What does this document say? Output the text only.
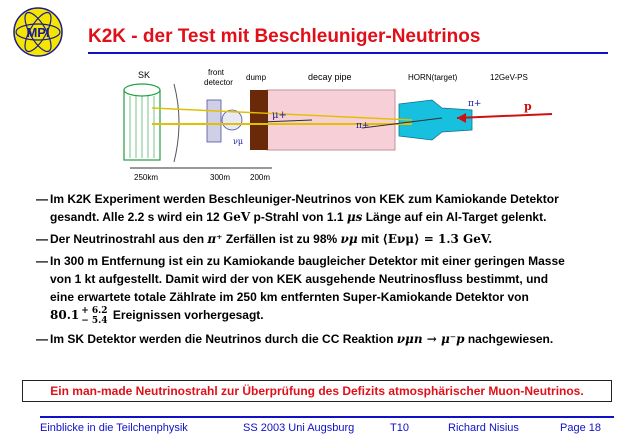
MPI K2K - der Test mit Beschleuniger-Neutrinos
SK	front
detector
dump	decay pipe	HORN(target)	12GeV-PS
μ+
π+
π+	p
νμ
250km	300m 200m

— Im K2K Experiment werden Beschleuniger-Neutrinos von KEK zum Kamiokande Detektor
gesandt. Alle 2.2 s wird ein 12 GeV p-Strahl von 1.1 μs Länge auf ein Al-Target gelenkt.

— Der Neutrinostrahl aus den π⁺ Zerfällen ist zu 98% νμ mit ⟨Eνμ⟩ = 1.3 GeV.

— In 300 m Entfernung ist ein zu Kamiokande baugleicher Detektor mit einer geringen Masse
von 1 kt aufgestellt. Damit wird der von KEK ausgehende Neutrinosfluss bestimmt, und
eine erwartete totale Zählrate im 250 km entfernten Super-Kamiokande Detektor von
80.1 + 6.2
− 5.4 Ereignissen vorhergesagt.

— Im SK Detektor werden die Neutrinos durch die CC Reaktion νμn → μ⁻p nachgewiesen.

Ein man-made Neutrinostrahl zur Überprüfung des Defizits atmosphärischer Muon-Neutrinos.
Einblicke in die Teilchenphysik	SS 2003 Uni Augsburg	T10	Richard Nisius	Page 18
